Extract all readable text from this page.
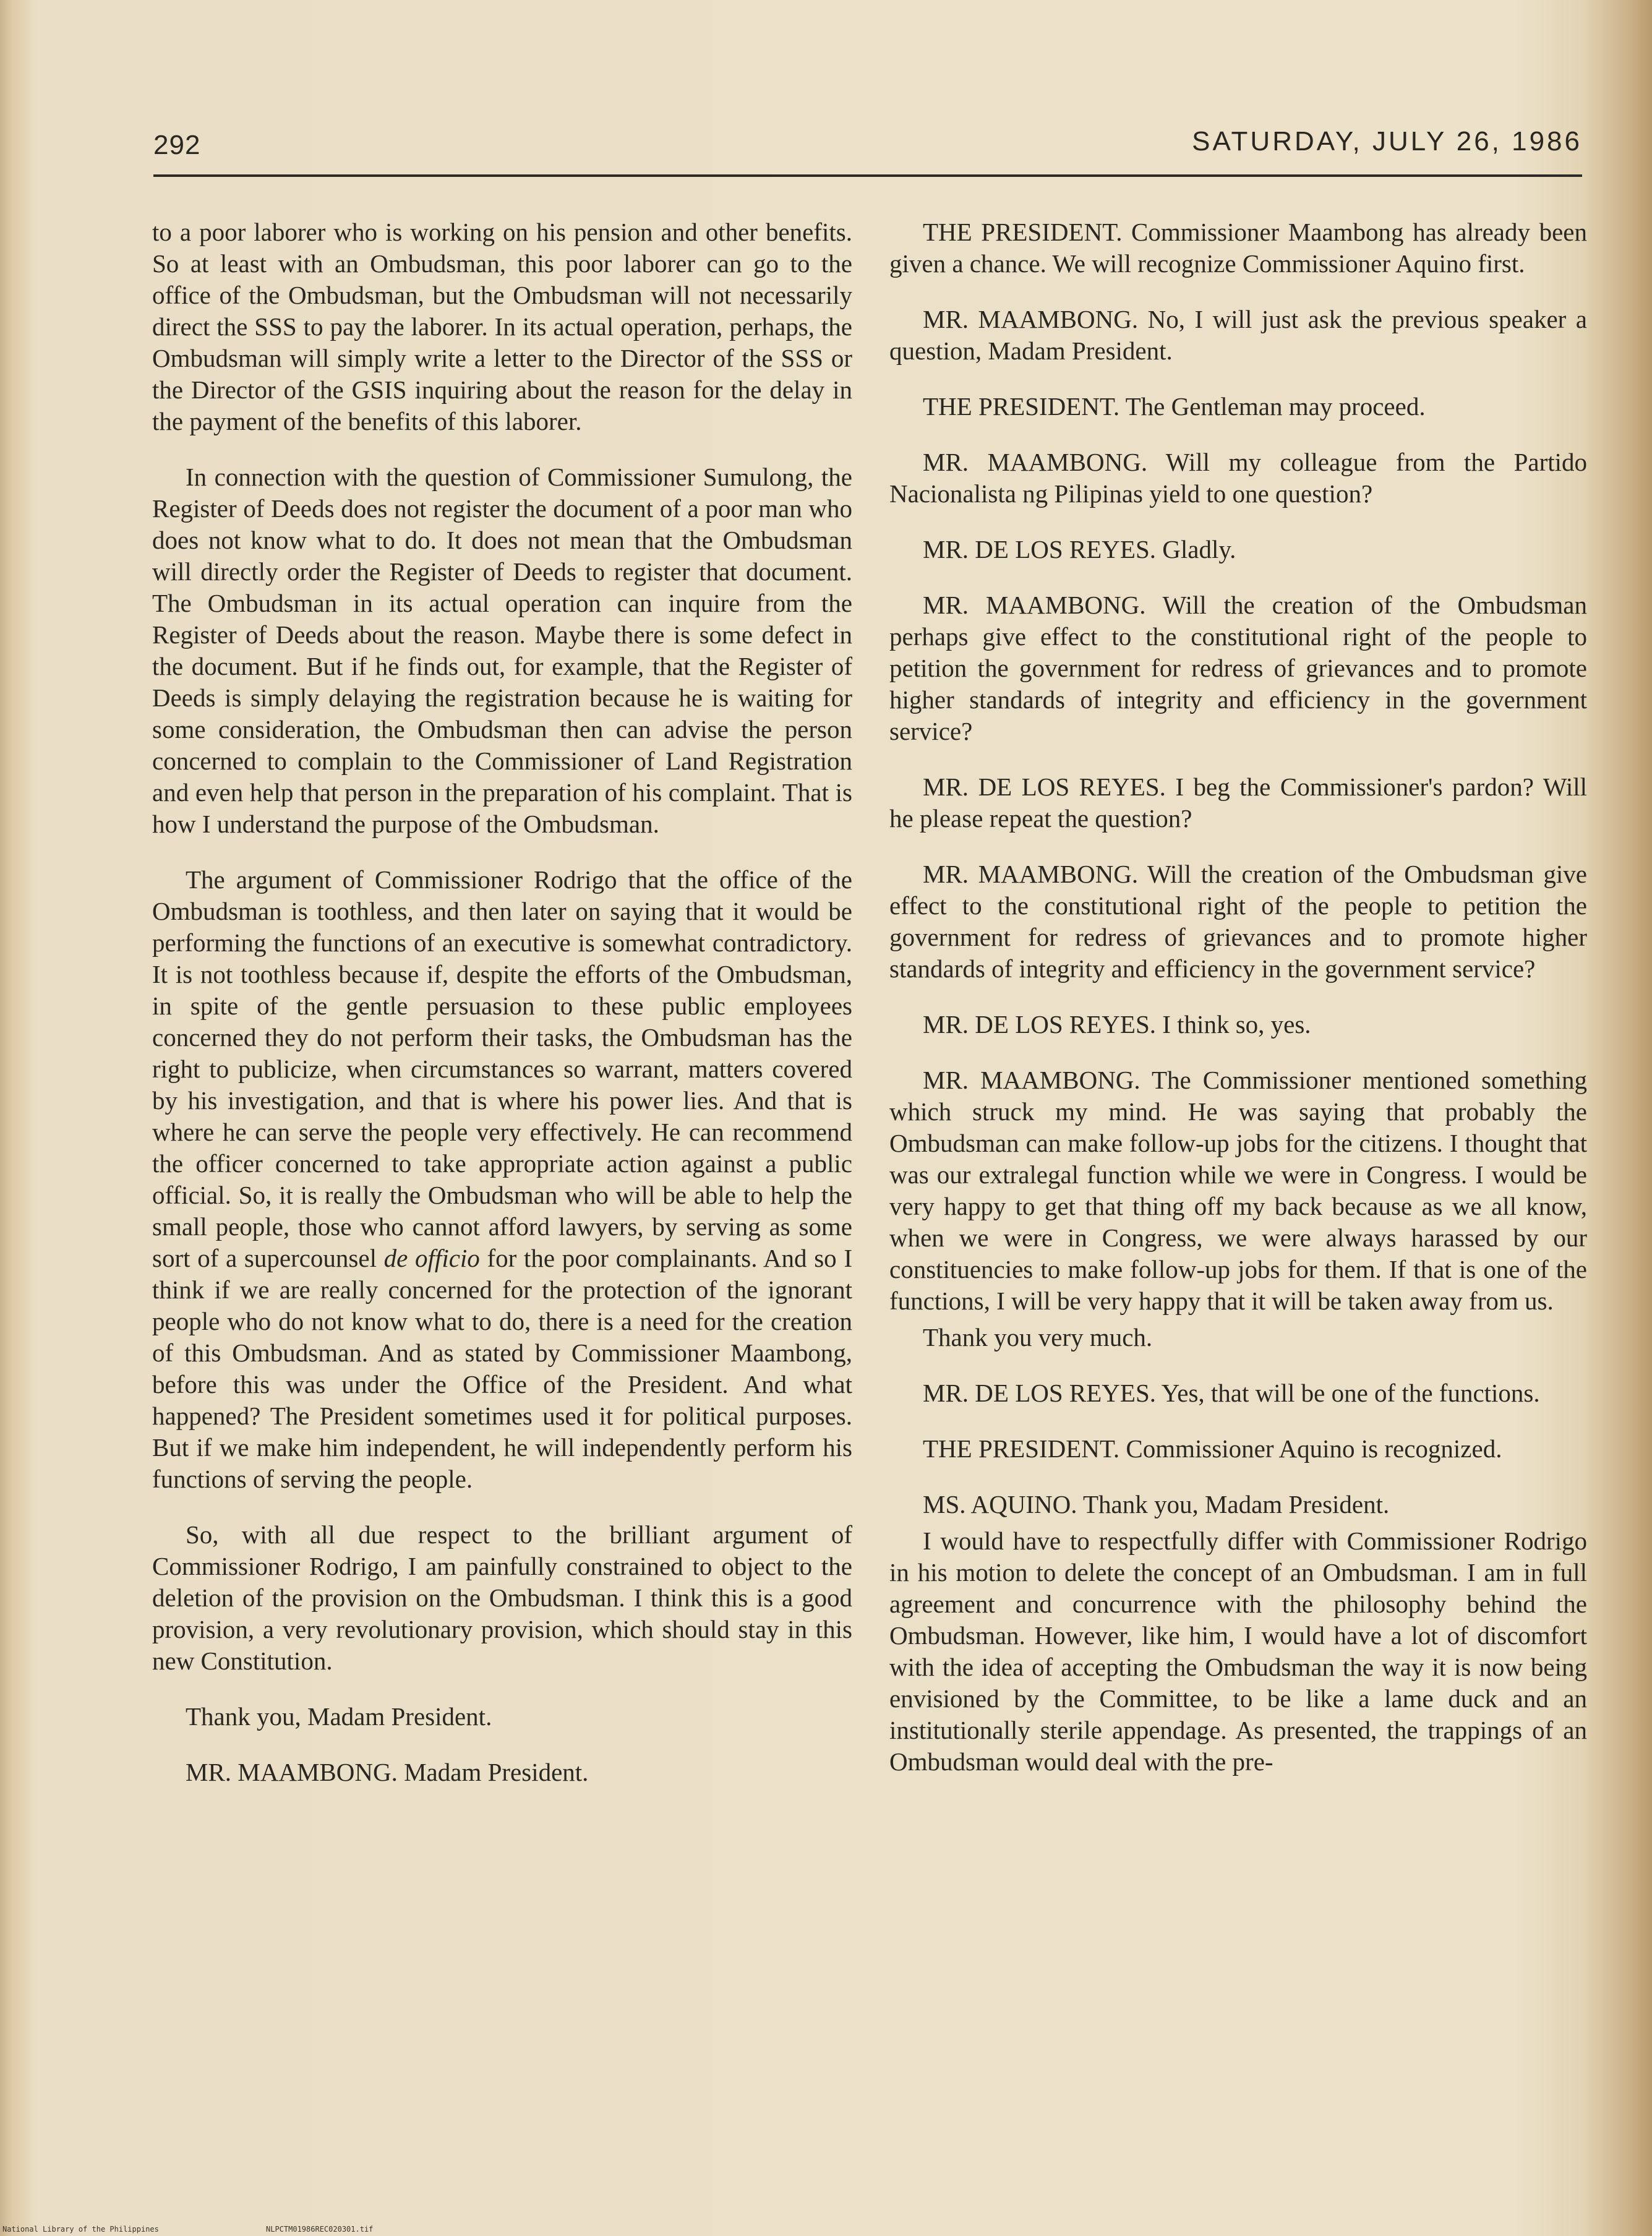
292	SATURDAY, JULY 26, 1986

to a poor laborer who is working on his pension and other benefits. So at least with an Ombudsman, this poor laborer can go to the office of the Ombudsman, but the Ombudsman will not necessarily direct the SSS to pay the laborer. In its actual operation, perhaps, the Ombudsman will simply write a letter to the Director of the SSS or the Director of the GSIS inquiring about the reason for the delay in the payment of the benefits of this laborer.

In connection with the question of Commissioner Sumulong, the Register of Deeds does not register the document of a poor man who does not know what to do. It does not mean that the Ombudsman will directly order the Register of Deeds to register that document. The Ombudsman in its actual operation can inquire from the Register of Deeds about the reason. Maybe there is some defect in the document. But if he finds out, for example, that the Register of Deeds is simply delaying the registration because he is waiting for some consideration, the Ombudsman then can advise the person concerned to complain to the Commissioner of Land Registration and even help that person in the preparation of his complaint. That is how I understand the purpose of the Ombudsman.

The argument of Commissioner Rodrigo that the office of the Ombudsman is toothless, and then later on saying that it would be performing the functions of an executive is somewhat contradictory. It is not toothless because if, despite the efforts of the Ombudsman, in spite of the gentle persuasion to these public employees concerned they do not perform their tasks, the Ombudsman has the right to publicize, when circumstances so warrant, matters covered by his investigation, and that is where his power lies. And that is where he can serve the people very effectively. He can recommend the officer concerned to take appropriate action against a public official. So, it is really the Ombudsman who will be able to help the small people, those who cannot afford lawyers, by serving as some sort of a supercounsel de officio for the poor complainants. And so I think if we are really concerned for the protection of the ignorant people who do not know what to do, there is a need for the creation of this Ombudsman. And as stated by Commissioner Maambong, before this was under the Office of the President. And what happened? The President sometimes used it for political purposes. But if we make him independent, he will independently perform his functions of serving the people.

So, with all due respect to the brilliant argument of Commissioner Rodrigo, I am painfully constrained to object to the deletion of the provision on the Ombudsman. I think this is a good provision, a very revolutionary provision, which should stay in this new Constitution.

Thank you, Madam President.

MR. MAAMBONG. Madam President.

THE PRESIDENT. Commissioner Maambong has already been given a chance. We will recognize Commissioner Aquino first.

MR. MAAMBONG. No, I will just ask the previous speaker a question, Madam President.

THE PRESIDENT. The Gentleman may proceed.

MR. MAAMBONG. Will my colleague from the Partido Nacionalista ng Pilipinas yield to one question?

MR. DE LOS REYES. Gladly.

MR. MAAMBONG. Will the creation of the Ombudsman perhaps give effect to the constitutional right of the people to petition the government for redress of grievances and to promote higher standards of integrity and efficiency in the government service?

MR. DE LOS REYES. I beg the Commissioner's pardon? Will he please repeat the question?

MR. MAAMBONG. Will the creation of the Ombudsman give effect to the constitutional right of the people to petition the government for redress of grievances and to promote higher standards of integrity and efficiency in the government service?

MR. DE LOS REYES. I think so, yes.

MR. MAAMBONG. The Commissioner mentioned something which struck my mind. He was saying that probably the Ombudsman can make follow-up jobs for the citizens. I thought that was our extralegal function while we were in Congress. I would be very happy to get that thing off my back because as we all know, when we were in Congress, we were always harassed by our constituencies to make follow-up jobs for them. If that is one of the functions, I will be very happy that it will be taken away from us.

Thank you very much.

MR. DE LOS REYES. Yes, that will be one of the functions.

THE PRESIDENT. Commissioner Aquino is recognized.

MS. AQUINO. Thank you, Madam President.

I would have to respectfully differ with Commissioner Rodrigo in his motion to delete the concept of an Ombudsman. I am in full agreement and concurrence with the philosophy behind the Ombudsman. However, like him, I would have a lot of discomfort with the idea of accepting the Ombudsman the way it is now being envisioned by the Committee, to be like a lame duck and an institutionally sterile appendage. As presented, the trappings of an Ombudsman would deal with the pre-

National Library of the Philippines	NLPCTM01986REC020301.tif
